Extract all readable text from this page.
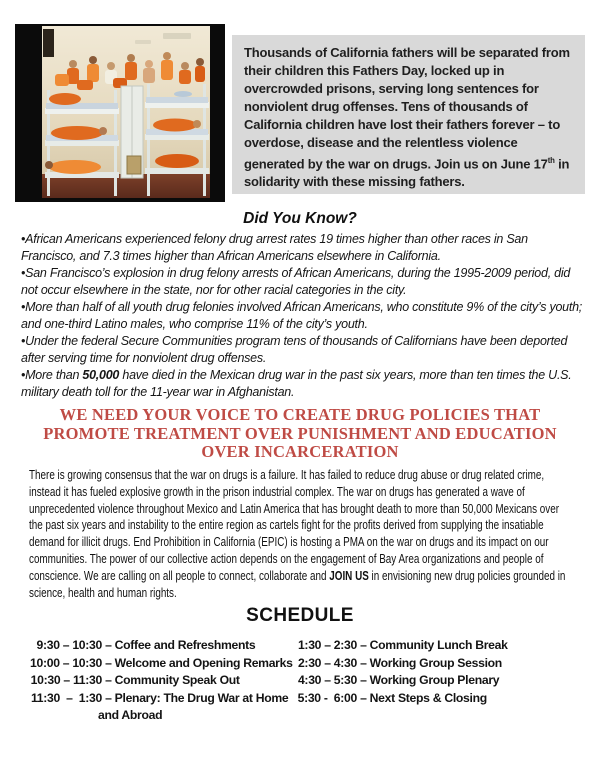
Thousands of California fathers will be separated from their children this Fathers Day, locked up in overcrowded prisons, serving long sentences for nonviolent drug offenses. Tens of thousands of California children have lost their fathers forever – to overdose, disease and the relentless violence generated by the war on drugs. Join us on June 17th in solidarity with these missing fathers.
Did You Know?
•African Americans experienced felony drug arrest rates 19 times higher than other races in San Francisco, and 7.3 times higher than African Americans elsewhere in California.
•San Francisco’s explosion in drug felony arrests of African Americans, during the 1995-2009 period, did not occur elsewhere in the state, nor for other racial categories in the city.
•More than half of all youth drug felonies involved African Americans, who constitute 9% of the city’s youth; and one-third Latino males, who comprise 11% of the city’s youth.
•Under the federal Secure Communities program tens of thousands of Californians have been deported after serving time for nonviolent drug offenses.
•More than 50,000 have died in the Mexican drug war in the past six years, more than ten times the U.S. military death toll for the 11-year war in Afghanistan.
WE NEED YOUR VOICE TO CREATE DRUG POLICIES THAT
PROMOTE TREATMENT OVER PUNISHMENT AND EDUCATION
OVER INCARCERATION
There is growing consensus that the war on drugs is a failure. It has failed to reduce drug abuse or drug related crime, instead it has fueled explosive growth in the prison industrial complex. The war on drugs has generated a wave of unprecedented violence throughout Mexico and Latin America that has brought death to more than 50,000 Mexicans over the past six years and instability to the entire region as cartels fight for the profits derived from supplying the insatiable demand for illicit drugs. End Prohibition in California (EPIC) is hosting a PMA on the war on drugs and its impact on our communities. The power of our collective action depends on the engagement of Bay Area organizations and people of conscience. We are calling on all people to connect, collaborate and JOIN US in envisioning new drug policies grounded in science, health and human rights.
SCHEDULE
9:30 – 10:30 – Coffee and Refreshments
10:00 – 10:30 – Welcome and Opening Remarks
10:30 – 11:30 – Community Speak Out
11:30  –  1:30 – Plenary: The Drug War at Home
and Abroad
1:30 – 2:30 – Community Lunch Break
2:30 – 4:30 – Working Group Session
4:30 – 5:30 – Working Group Plenary
5:30 -  6:00 – Next Steps & Closing
